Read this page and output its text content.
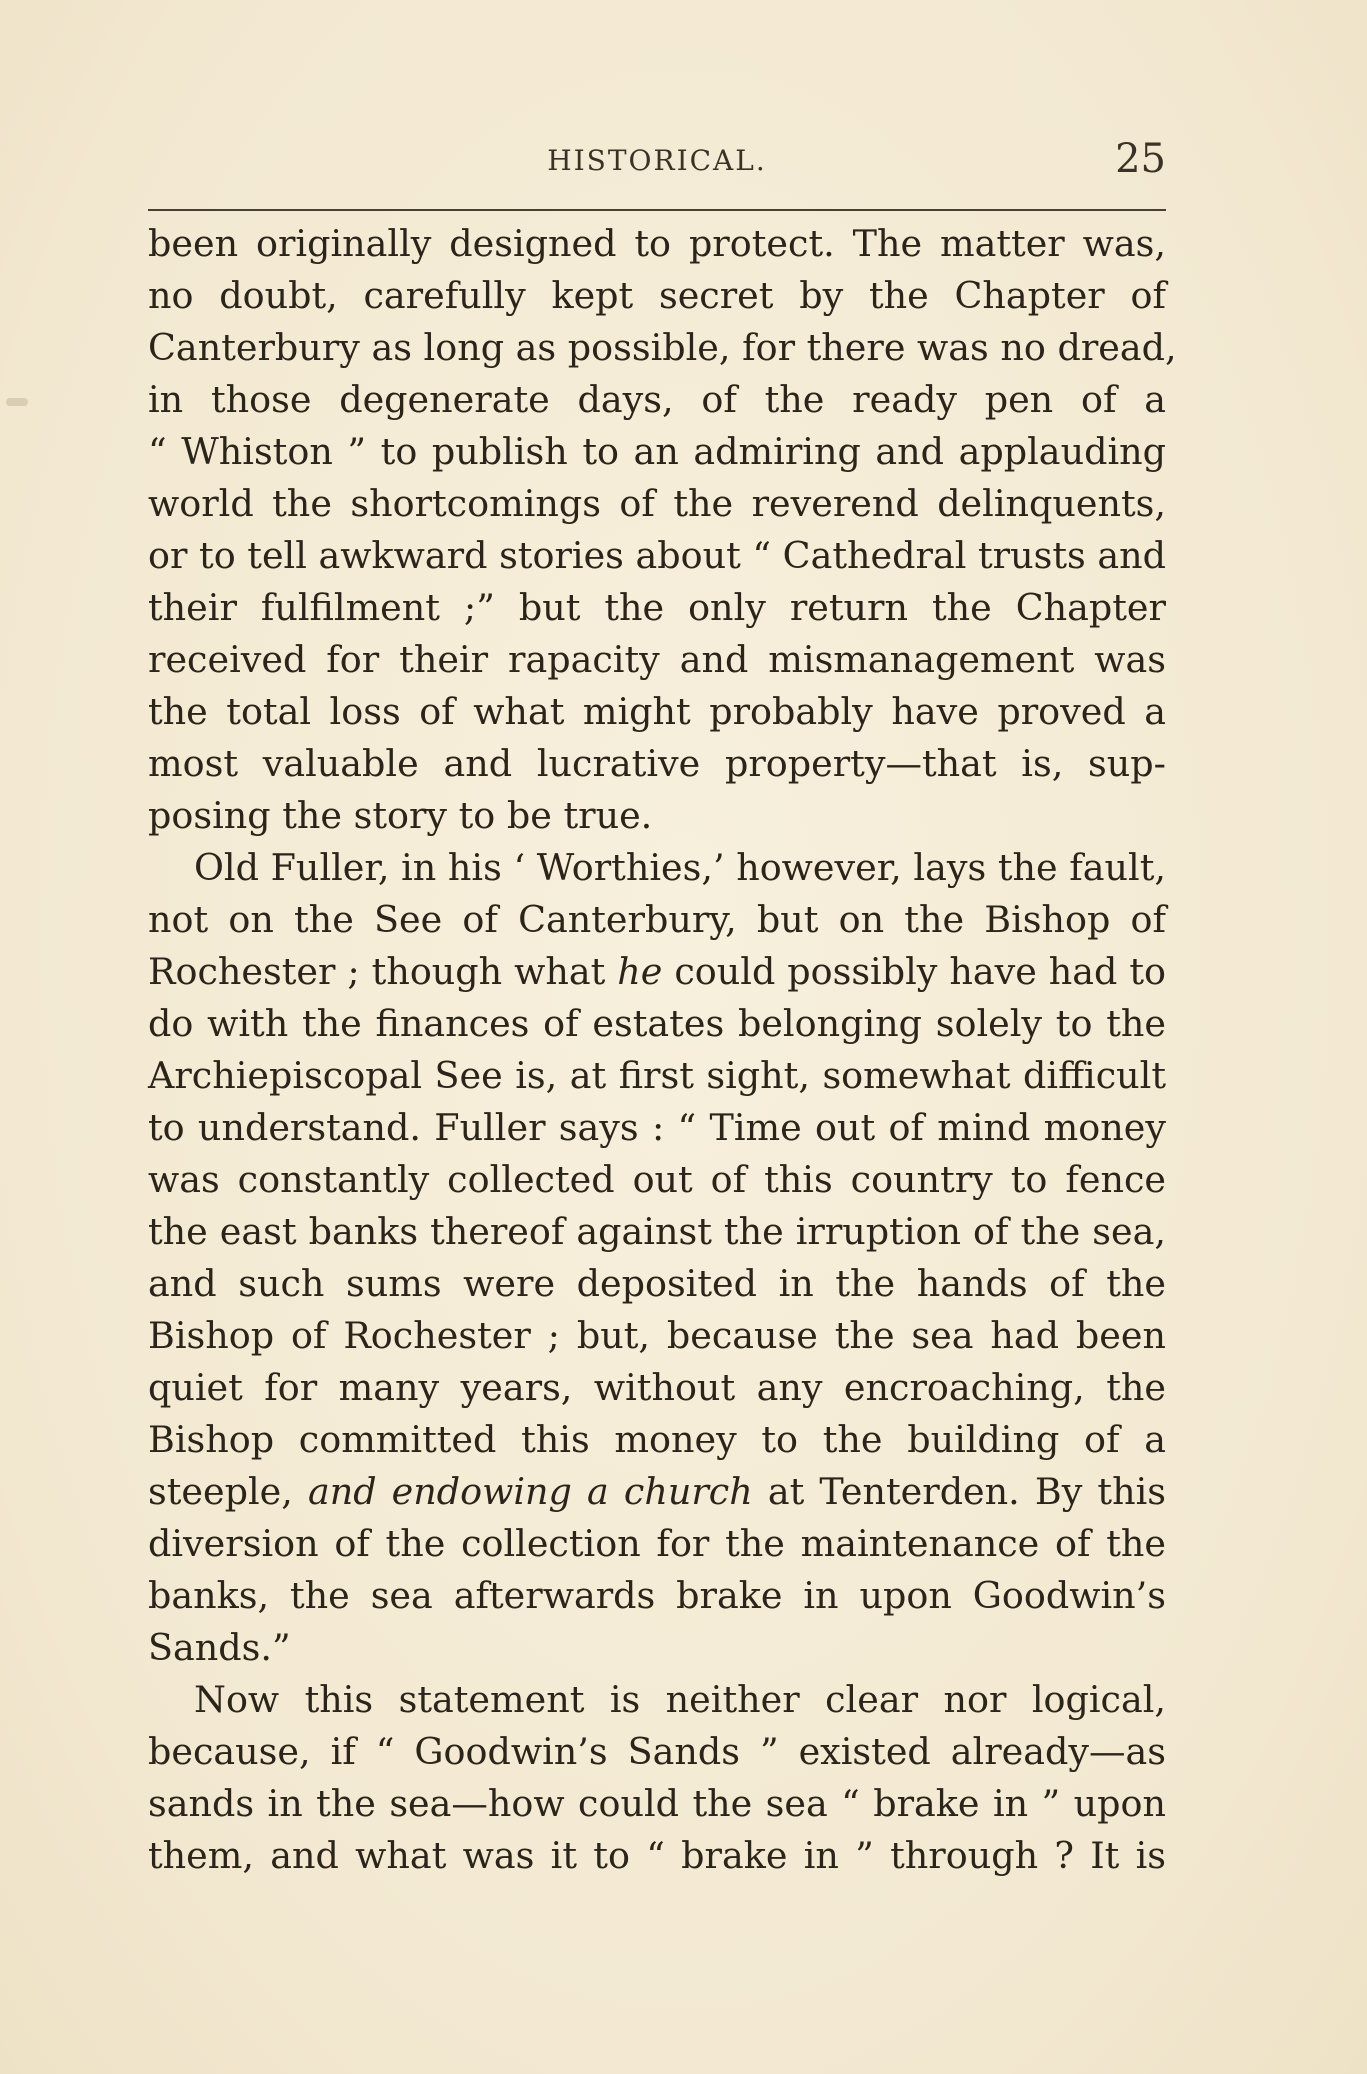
HISTORICAL.	25
been originally designed to protect. The matter was,
no doubt, carefully kept secret by the Chapter of
Canterbury as long as possible, for there was no dread,
in those degenerate days, of the ready pen of a
“ Whiston ” to publish to an admiring and applauding
world the shortcomings of the reverend delinquents,
or to tell awkward stories about “ Cathedral trusts and
their fulfilment ;” but the only return the Chapter
received for their rapacity and mismanagement was
the total loss of what might probably have proved a
most valuable and lucrative property—that is, sup-
posing the story to be true.
Old Fuller, in his ‘ Worthies,’ however, lays the fault,
not on the See of Canterbury, but on the Bishop of
Rochester ; though what he could possibly have had to
do with the finances of estates belonging solely to the
Archiepiscopal See is, at first sight, somewhat difficult
to understand. Fuller says : “ Time out of mind money
was constantly collected out of this country to fence
the east banks thereof against the irruption of the sea,
and such sums were deposited in the hands of the
Bishop of Rochester ; but, because the sea had been
quiet for many years, without any encroaching, the
Bishop committed this money to the building of a
steeple, and endowing a church at Tenterden. By this
diversion of the collection for the maintenance of the
banks, the sea afterwards brake in upon Goodwin’s
Sands.”
Now this statement is neither clear nor logical,
because, if “ Goodwin’s Sands ” existed already—as
sands in the sea—how could the sea “ brake in ” upon
them, and what was it to “ brake in ” through ? It is
